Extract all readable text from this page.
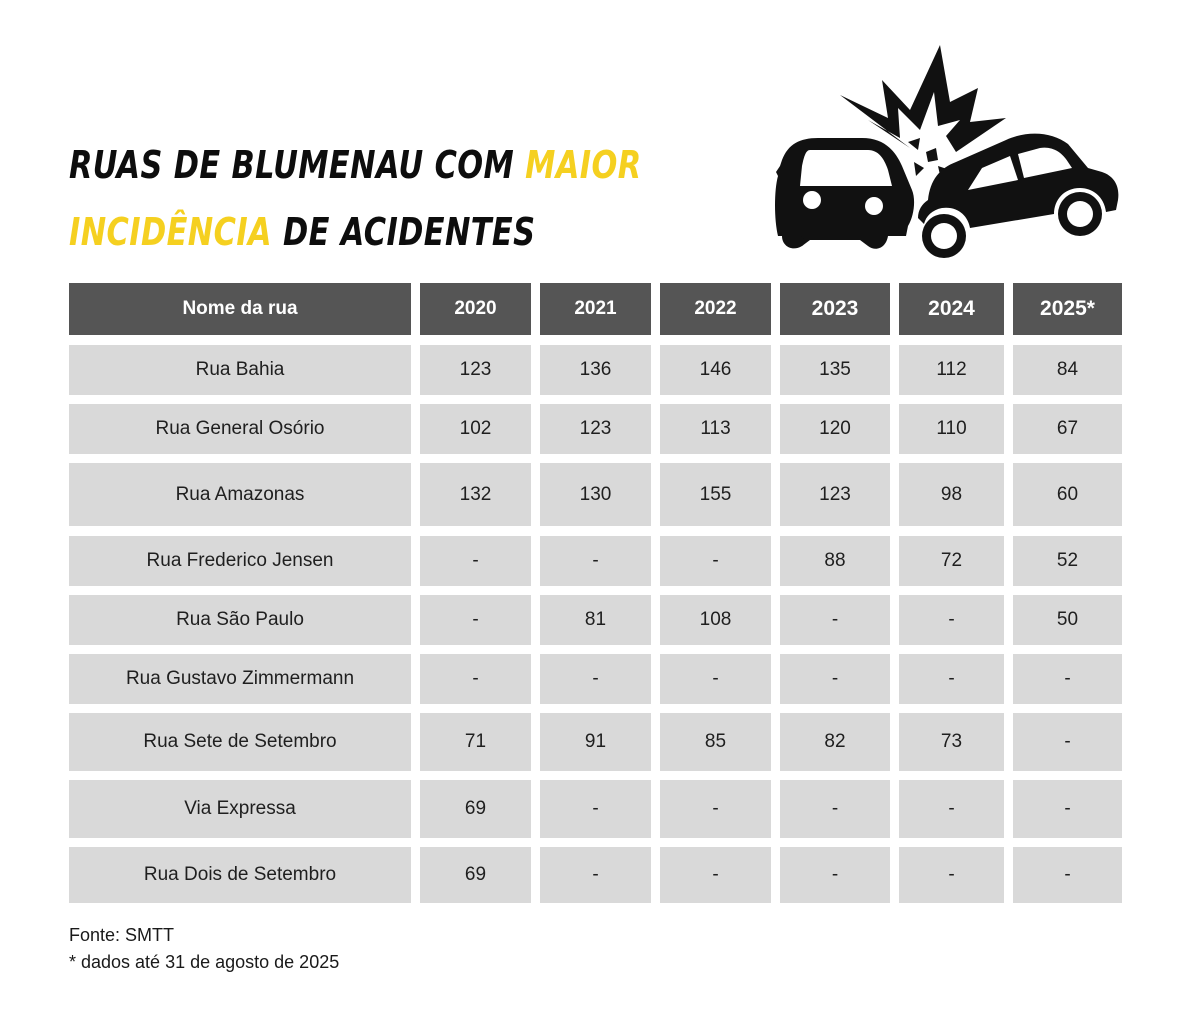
RUAS DE BLUMENAU COM MAIOR
INCIDÊNCIA DE ACIDENTES
Nome da rua	2020	2021	2022	2023	2024	2025*
Rua Bahia	123	136	146	135	112	84
Rua General Osório	102	123	113	120	110	67
Rua Amazonas	132	130	155	123	98	60
Rua Frederico Jensen	-	-	-	88	72	52
Rua São Paulo	-	81	108	-	-	50
Rua Gustavo Zimmermann	-	-	-	-	-	-
Rua Sete de Setembro	71	91	85	82	73	-
Via Expressa	69	-	-	-	-	-
Rua Dois de Setembro	69	-	-	-	-	-
Fonte: SMTT
* dados até 31 de agosto de 2025
